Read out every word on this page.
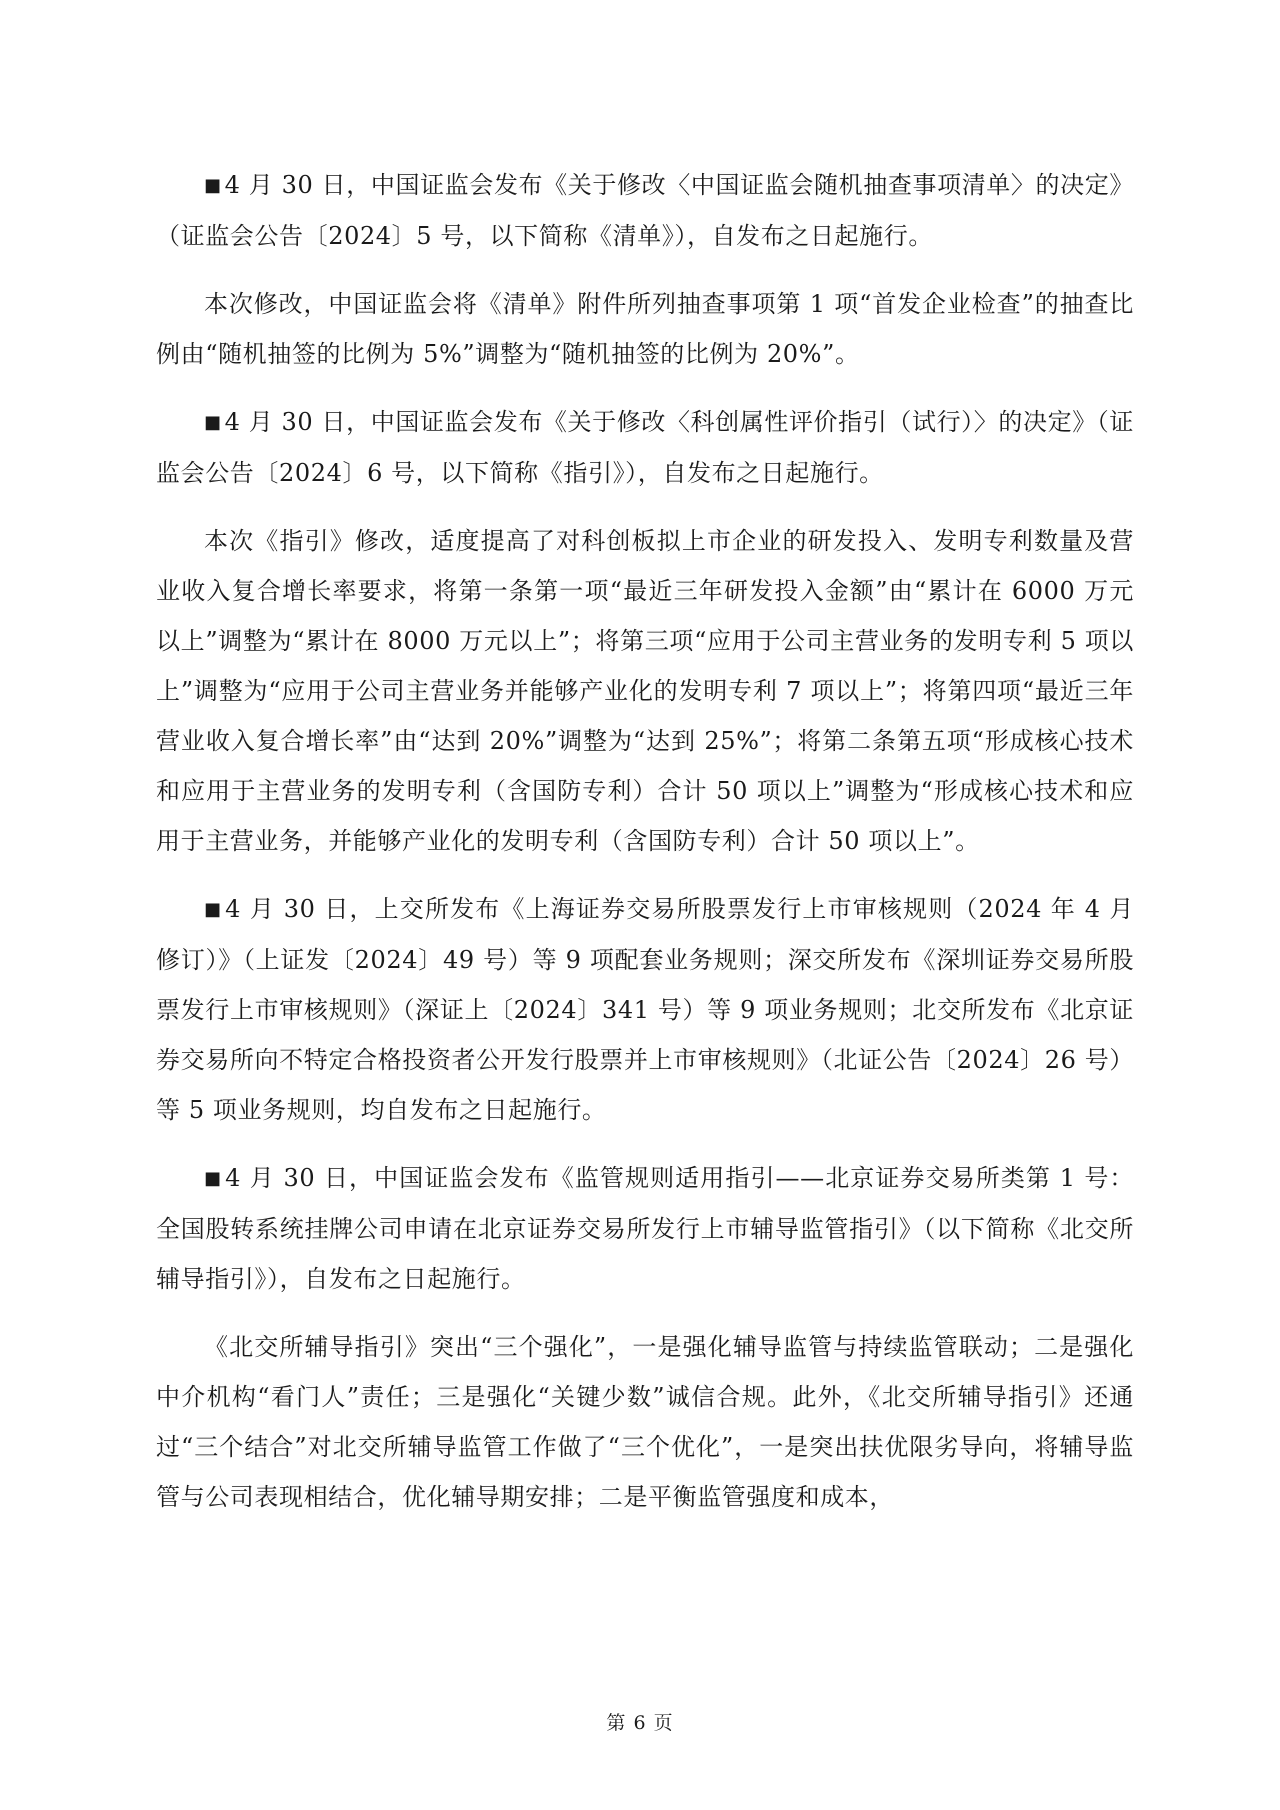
■ 4 月 30 日，中国证监会发布《关于修改〈中国证监会随机抽查事项清单〉的决定》（证监会公告〔2024〕5 号，以下简称《清单》），自发布之日起施行。

本次修改，中国证监会将《清单》附件所列抽查事项第 1 项“首发企业检查”的抽查比例由“随机抽签的比例为 5%”调整为“随机抽签的比例为 20%”。

■ 4 月 30 日，中国证监会发布《关于修改〈科创属性评价指引（试行）〉的决定》（证监会公告〔2024〕6 号，以下简称《指引》），自发布之日起施行。

本次《指引》修改，适度提高了对科创板拟上市企业的研发投入、发明专利数量及营业收入复合增长率要求，将第一条第一项“最近三年研发投入金额”由“累计在 6000 万元以上”调整为“累计在 8000 万元以上”；将第三项“应用于公司主营业务的发明专利 5 项以上”调整为“应用于公司主营业务并能够产业化的发明专利 7 项以上”；将第四项“最近三年营业收入复合增长率”由“达到 20%”调整为“达到 25%”；将第二条第五项“形成核心技术和应用于主营业务的发明专利（含国防专利）合计 50 项以上”调整为“形成核心技术和应用于主营业务，并能够产业化的发明专利（含国防专利）合计 50 项以上”。

■ 4 月 30 日，上交所发布《上海证券交易所股票发行上市审核规则（2024 年 4 月修订）》（上证发〔2024〕49 号）等 9 项配套业务规则；深交所发布《深圳证券交易所股票发行上市审核规则》（深证上〔2024〕341 号）等 9 项业务规则；北交所发布《北京证券交易所向不特定合格投资者公开发行股票并上市审核规则》（北证公告〔2024〕26 号）等 5 项业务规则，均自发布之日起施行。

■ 4 月 30 日，中国证监会发布《监管规则适用指引——北京证券交易所类第 1 号：全国股转系统挂牌公司申请在北京证券交易所发行上市辅导监管指引》（以下简称《北交所辅导指引》），自发布之日起施行。

《北交所辅导指引》突出“三个强化”，一是强化辅导监管与持续监管联动；二是强化中介机构“看门人”责任；三是强化“关键少数”诚信合规。此外，《北交所辅导指引》还通过“三个结合”对北交所辅导监管工作做了“三个优化”，一是突出扶优限劣导向，将辅导监管与公司表现相结合，优化辅导期安排；二是平衡监管强度和成本，

第 6 页
